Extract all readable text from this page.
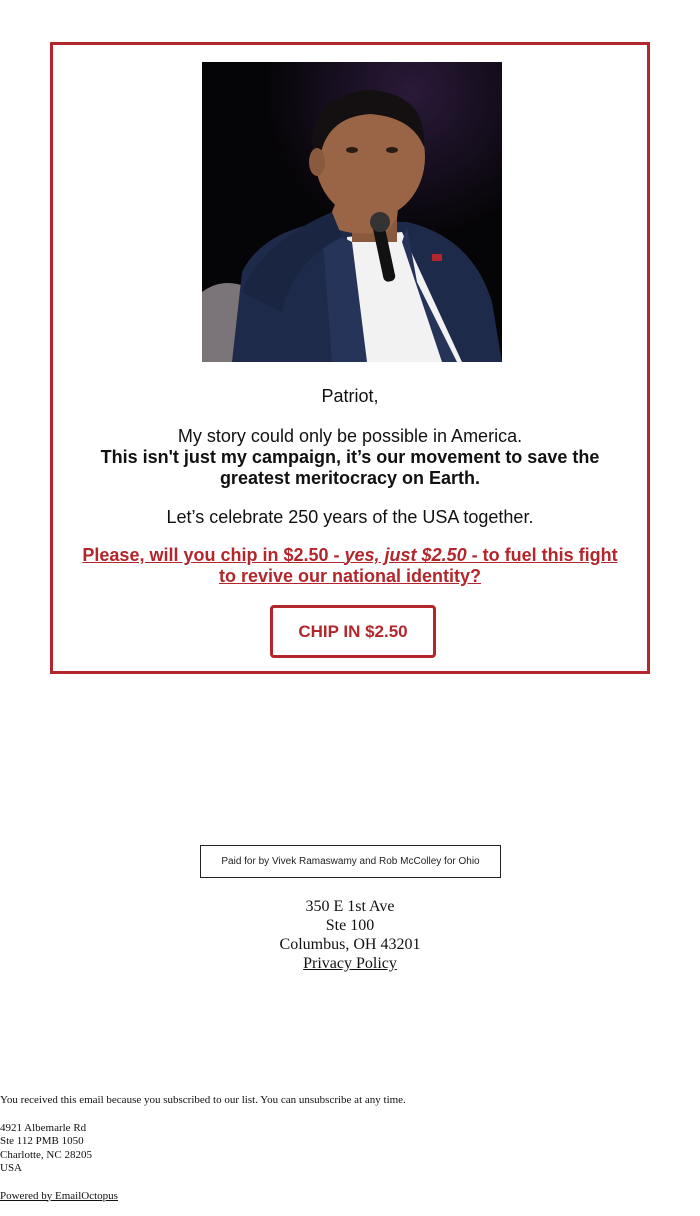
Patriot,
My story could only be possible in America.
This isn't just my campaign, it’s our movement to save the greatest meritocracy on Earth.
Let’s celebrate 250 years of the USA together.
Please, will you chip in $2.50 - yes, just $2.50 - to fuel this fight to revive our national identity?
CHIP IN $2.50
Paid for by Vivek Ramaswamy and Rob McColley for Ohio
350 E 1st Ave
Ste 100
Columbus, OH 43201
Privacy Policy

You received this email because you subscribed to our list. You can unsubscribe at any time.

4921 Albemarle Rd

Ste 112 PMB 1050

Charlotte, NC 28205

USA

Powered by EmailOctopus
